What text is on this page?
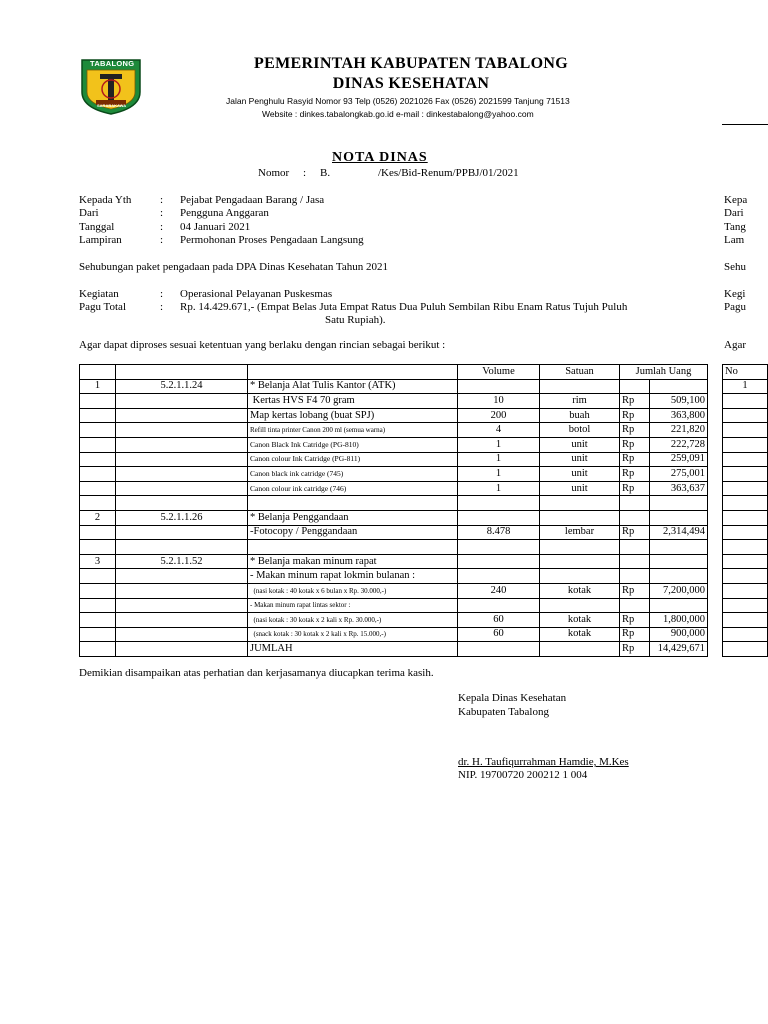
TABALONG
SARABAKAWA
PEMERINTAH KABUPATEN TABALONG
DINAS KESEHATAN
Jalan Penghulu Rasyid Nomor 93 Telp (0526) 2021026 Fax (0526) 2021599 Tanjung 71513
Website : dinkes.tabalongkab.go.id e-mail : dinkestabalong@yahoo.com
NOTA DINAS
Nomor : B.	/Kes/Bid-Renum/PPBJ/01/2021
Kepada Yth	: Pejabat Pengadaan Barang / Jasa	Kepa
Dari	: Pengguna Anggaran	Dari
Tanggal	: 04 Januari 2021	Tang
Lampiran	: Permohonan Proses Pengadaan Langsung	Lam
Sehubungan paket pengadaan pada DPA Dinas Kesehatan Tahun 2021	Sehu
Kegiatan	: Operasional Pelayanan Puskesmas	Kegi
Pagu Total	: Rp. 14.429.671,- (Empat Belas Juta Empat Ratus Dua Puluh Sembilan Ribu Enam Ratus Tujuh Puluh
Satu Rupiah).
Pagu
Agar dapat diproses sesuai ketentuan yang berlaku dengan rincian sebagai berikut :	Agar
			Volume	Satuan	Jumlah Uang	
1	5.2.1.1.24	* Belanja Alat Tulis Kantor (ATK)				
		Kertas HVS F4 70 gram	10	rim	Rp	509,100
		Map kertas lobang (buat SPJ)	200	buah	Rp	363,800
		Refill tinta printer Canon 200 ml (semua warna)	4	botol	Rp	221,820
		Canon Black Ink Catridge (PG-810)	1	unit	Rp	222,728
		Canon colour Ink Catridge (PG-811)	1	unit	Rp	259,091
		Canon black ink catridge (745)	1	unit	Rp	275,001
		Canon colour ink catridge (746)	1	unit	Rp	363,637

2	5.2.1.1.26	* Belanja Penggandaan				
		-Fotocopy / Penggandaan	8.478	lembar	Rp	2,314,494

3	5.2.1.1.52	* Belanja makan minum rapat				
		- Makan minum rapat lokmin bulanan :				
		(nasi kotak : 40 kotak x 6 bulan x Rp. 30.000,-)	240	kotak	Rp	7,200,000
		- Makan minum rapat lintas sektor :				
		(nasi kotak : 30 kotak x 2 kali x Rp. 30.000,-)	60	kotak	Rp	1,800,000
		(snack kotak : 30 kotak x 2 kali x Rp. 15.000,-)	60	kotak	Rp	900,000
		JUMLAH			Rp	14,429,671
No
1

Demikian disampaikan atas perhatian dan kerjasamanya diucapkan terima kasih.
Kepala Dinas Kesehatan
Kabupaten Tabalong
dr. H. Taufiqurrahman Hamdie, M.Kes
NIP. 19700720 200212 1 004
